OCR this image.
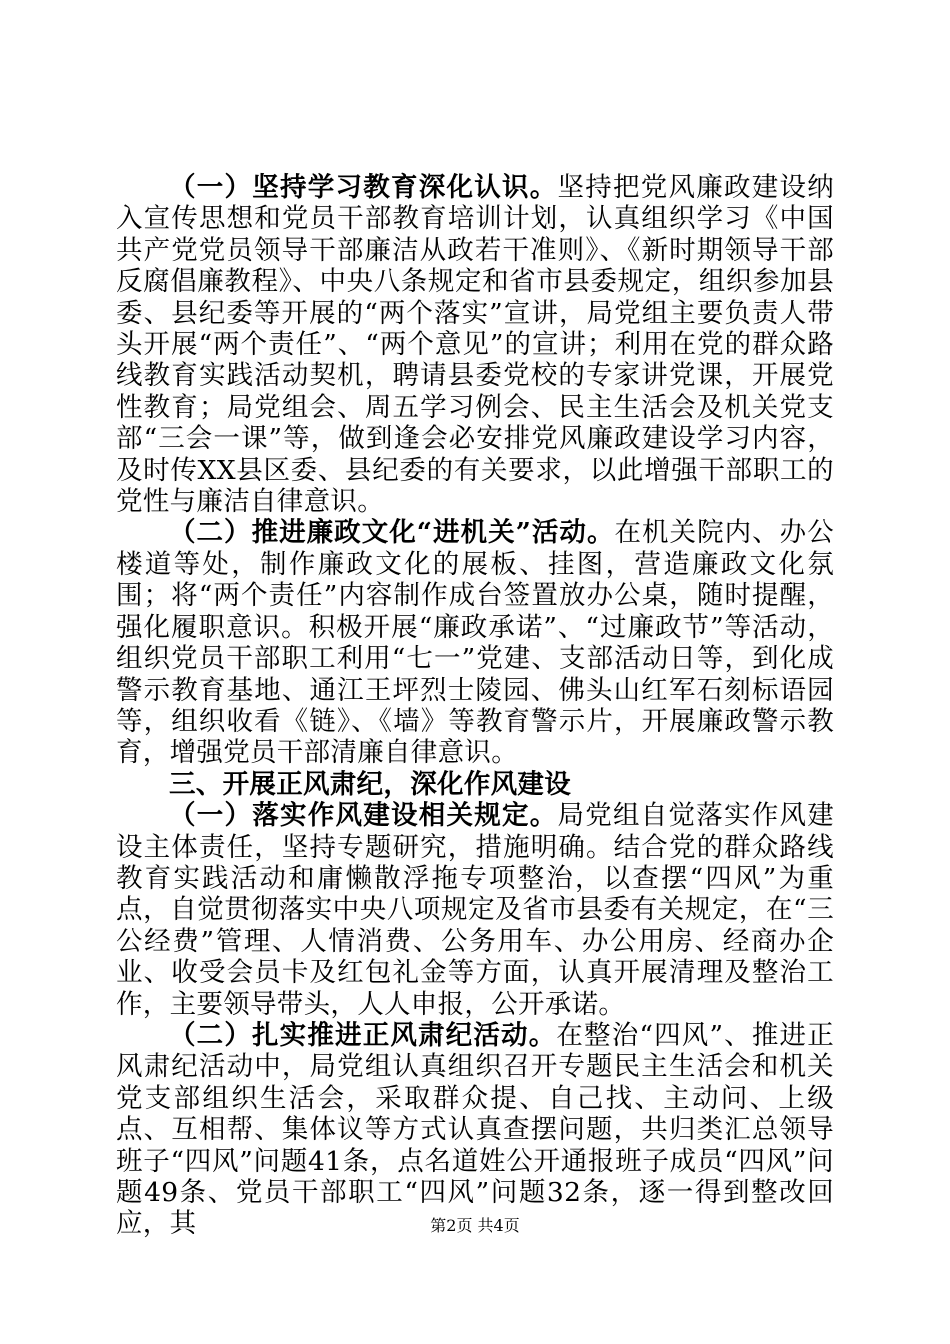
（一）坚持学习教育深化认识。坚持把党风廉政建设纳入宣传思想和党员干部教育培训计划，认真组织学习《中国共产党党员领导干部廉洁从政若干准则》、《新时期领导干部反腐倡廉教程》、中央八条规定和省市县委规定，组织参加县委、县纪委等开展的“两个落实”宣讲，局党组主要负责人带头开展“两个责任”、“两个意见”的宣讲；利用在党的群众路线教育实践活动契机，聘请县委党校的专家讲党课，开展党性教育；局党组会、周五学习例会、民主生活会及机关党支部“三会一课”等，做到逢会必安排党风廉政建设学习内容，及时传XX县区委、县纪委的有关要求，以此增强干部职工的党性与廉洁自律意识。

（二）推进廉政文化“进机关”活动。在机关院内、办公楼道等处，制作廉政文化的展板、挂图，营造廉政文化氛围；将“两个责任”内容制作成台签置放办公桌，随时提醒，强化履职意识。积极开展“廉政承诺”、“过廉政节”等活动，组织党员干部职工利用“七一”党建、支部活动日等，到化成警示教育基地、通江王坪烈士陵园、佛头山红军石刻标语园等，组织收看《链》、《墙》等教育警示片，开展廉政警示教育，增强党员干部清廉自律意识。

三、开展正风肃纪，深化作风建设

（一）落实作风建设相关规定。局党组自觉落实作风建设主体责任，坚持专题研究，措施明确。结合党的群众路线教育实践活动和庸懒散浮拖专项整治，以查摆“四风”为重点，自觉贯彻落实中央八项规定及省市县委有关规定，在“三公经费”管理、人情消费、公务用车、办公用房、经商办企业、收受会员卡及红包礼金等方面，认真开展清理及整治工作，主要领导带头，人人申报，公开承诺。

（二）扎实推进正风肃纪活动。在整治“四风”、推进正风肃纪活动中，局党组认真组织召开专题民主生活会和机关党支部组织生活会，采取群众提、自己找、主动问、上级点、互相帮、集体议等方式认真查摆问题，共归类汇总领导班子“四风”问题41条，点名道姓公开通报班子成员“四风”问题49条、党员干部职工“四风”问题32条，逐一得到整改回应，其	第2页 共4页
